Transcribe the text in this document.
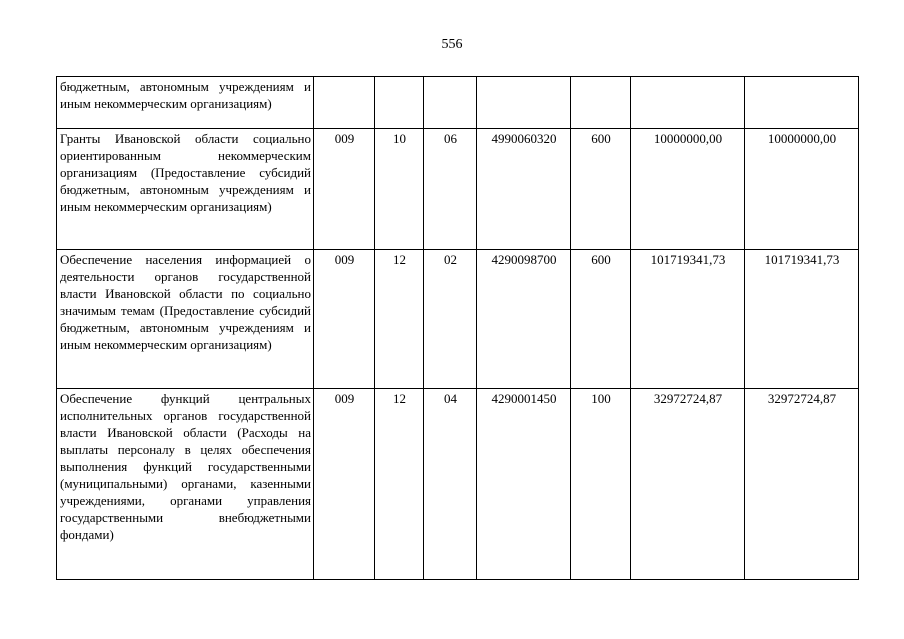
556
бюджетным, автономным учреждениям и иным некоммерческим организациям)							
Гранты Ивановской области социально ориентированным некоммерческим организациям (Предоставление субсидий бюджетным, автономным учреждениям и иным некоммерческим организациям)	009	10	06	4990060320	600	10000000,00	10000000,00
Обеспечение населения информацией о деятельности органов государственной власти Ивановской области по социально значимым темам (Предоставление субсидий бюджетным, автономным учреждениям и иным некоммерческим организациям)	009	12	02	4290098700	600	101719341,73	101719341,73
Обеспечение функций центральных исполнительных органов государственной власти Ивановской области (Расходы на выплаты персоналу в целях обеспечения выполнения функций государственными (муниципальными) органами, казенными учреждениями, органами управления государственными внебюджетными фондами)	009	12	04	4290001450	100	32972724,87	32972724,87
